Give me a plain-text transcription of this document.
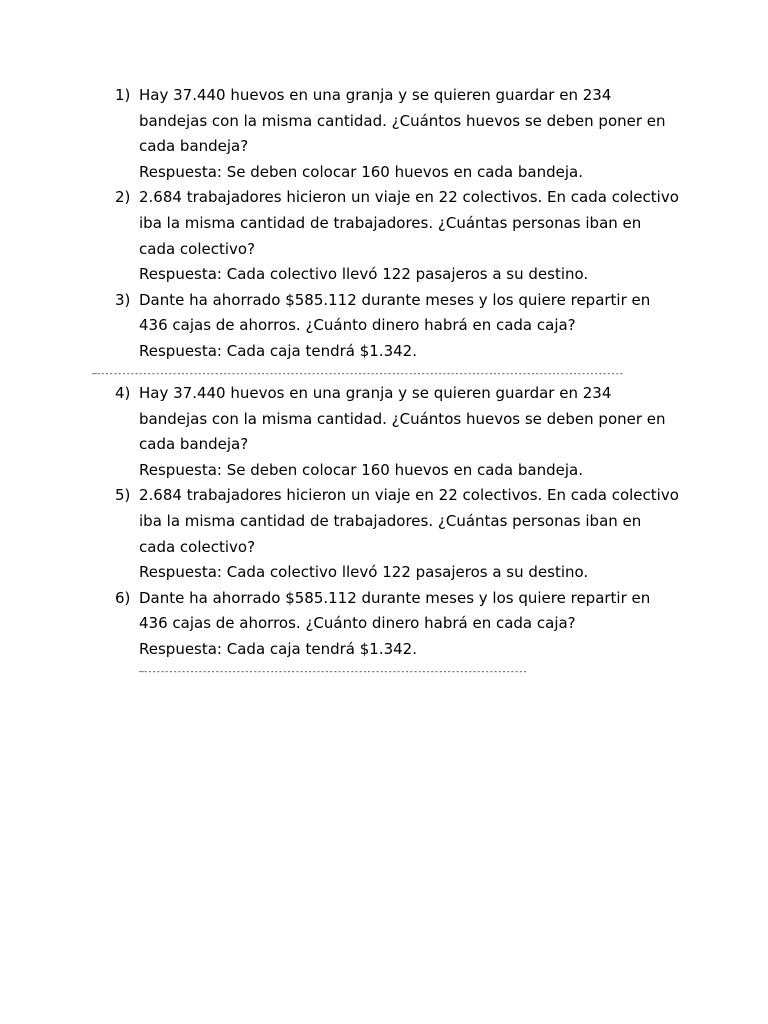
1) Hay 37.440 huevos en una granja y se quieren guardar en 234 bandejas con la misma cantidad. ¿Cuántos huevos se deben poner en cada bandeja?
Respuesta: Se deben colocar 160 huevos en cada bandeja.
2) 2.684 trabajadores hicieron un viaje en 22 colectivos. En cada colectivo iba la misma cantidad de trabajadores. ¿Cuántas personas iban en cada colectivo?
Respuesta: Cada colectivo llevó 122 pasajeros a su destino.
3) Dante ha ahorrado $585.112 durante meses y los quiere repartir en 436 cajas de ahorros. ¿Cuánto dinero habrá en cada caja?
Respuesta: Cada caja tendrá $1.342.
—-----------------------------------------------------------------------------------------------------------------------------
4) Hay 37.440 huevos en una granja y se quieren guardar en 234 bandejas con la misma cantidad. ¿Cuántos huevos se deben poner en cada bandeja?
Respuesta: Se deben colocar 160 huevos en cada bandeja.
5) 2.684 trabajadores hicieron un viaje en 22 colectivos. En cada colectivo iba la misma cantidad de trabajadores. ¿Cuántas personas iban en cada colectivo?
Respuesta: Cada colectivo llevó 122 pasajeros a su destino.
6) Dante ha ahorrado $585.112 durante meses y los quiere repartir en 436 cajas de ahorros. ¿Cuánto dinero habrá en cada caja?
Respuesta: Cada caja tendrá $1.342.
—-------------------------------------------------------------------------------------------
